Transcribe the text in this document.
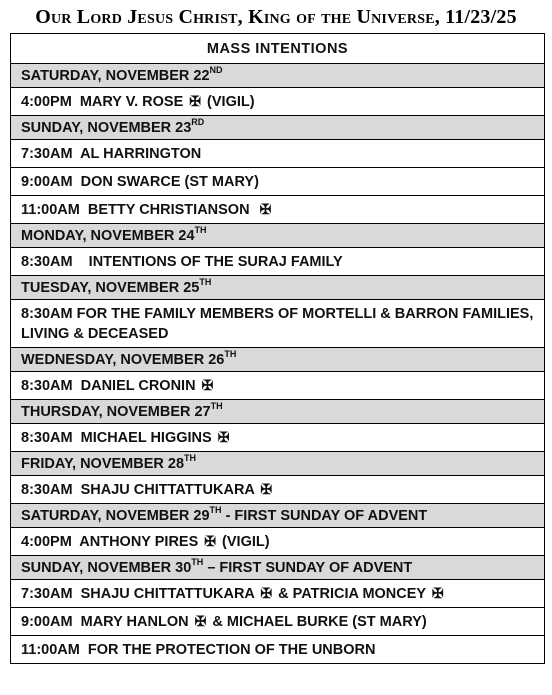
Our Lord Jesus Christ, King of the Universe, 11/23/25
MASS INTENTIONS
SATURDAY, NOVEMBER 22ND
4:00PM  MARY V. ROSE ✠ (VIGIL)
SUNDAY, NOVEMBER 23RD
7:30AM  AL HARRINGTON
9:00AM  DON SWARCE (ST MARY)
11:00AM  BETTY CHRISTIANSON  ✠
MONDAY, NOVEMBER 24TH
8:30AM    INTENTIONS OF THE SURAJ FAMILY
TUESDAY, NOVEMBER 25TH
8:30AM FOR THE FAMILY MEMBERS OF MORTELLI & BARRON FAMILIES, LIVING & DECEASED
WEDNESDAY, NOVEMBER 26TH
8:30AM  DANIEL CRONIN ✠
THURSDAY, NOVEMBER 27TH
8:30AM  MICHAEL HIGGINS ✠
FRIDAY, NOVEMBER 28TH
8:30AM  SHAJU CHITTATTUKARA ✠
SATURDAY, NOVEMBER 29TH - FIRST SUNDAY OF ADVENT
4:00PM  ANTHONY PIRES ✠ (VIGIL)
SUNDAY, NOVEMBER 30TH – FIRST SUNDAY OF ADVENT
7:30AM  SHAJU CHITTATTUKARA ✠ & PATRICIA MONCEY ✠
9:00AM  MARY HANLON ✠ & MICHAEL BURKE (ST MARY)
11:00AM  FOR THE PROTECTION OF THE UNBORN
